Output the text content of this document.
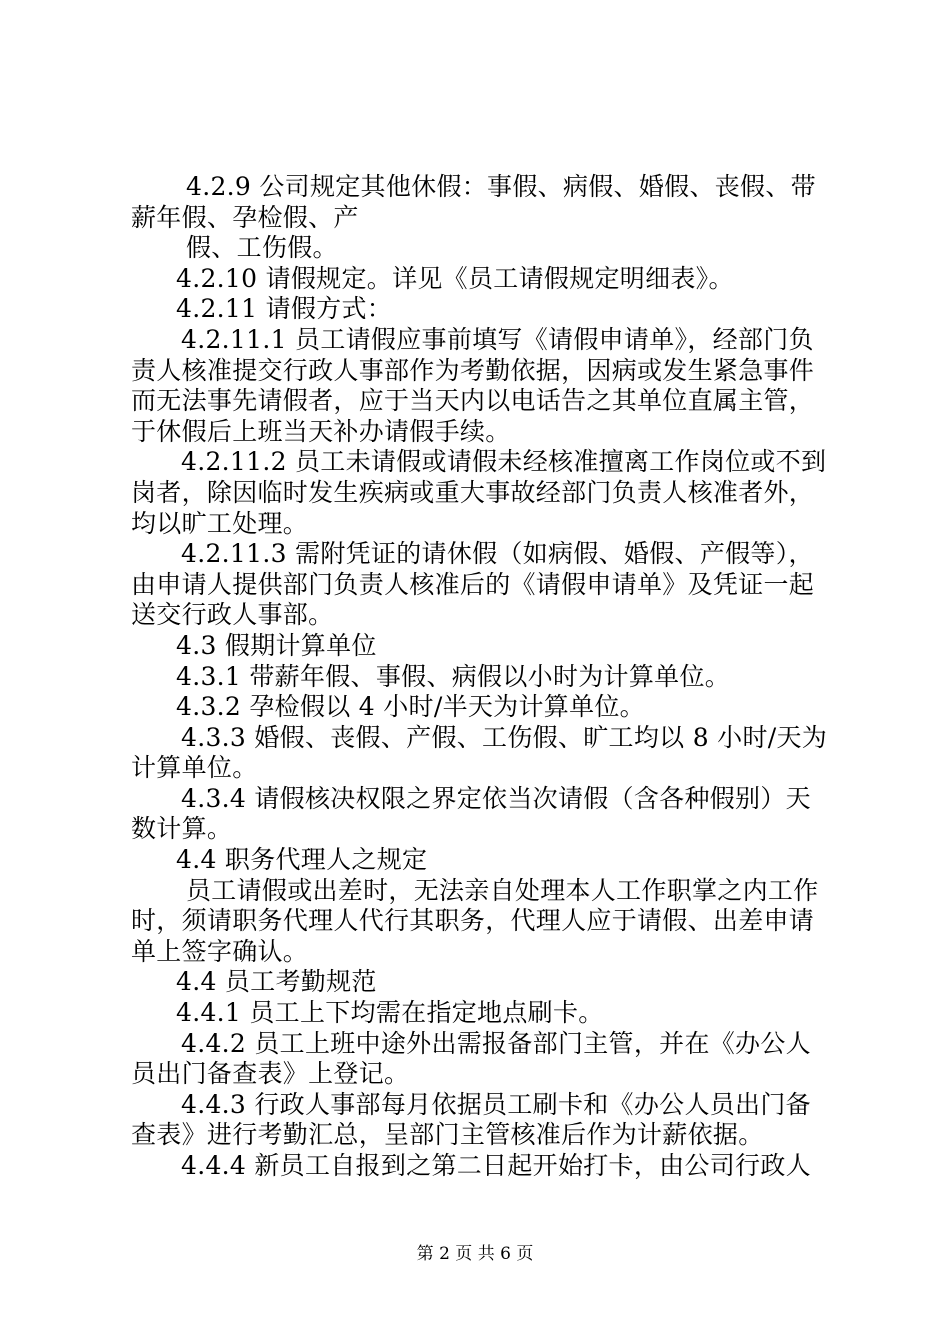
4.2.9 公司规定其他休假：事假、病假、婚假、丧假、带
薪年假、孕检假、产
假、工伤假。
4.2.10 请假规定。详见《员工请假规定明细表》。
4.2.11 请假方式：
4.2.11.1 员工请假应事前填写《请假申请单》，经部门负
责人核准提交行政人事部作为考勤依据，因病或发生紧急事件
而无法事先请假者，应于当天内以电话告之其单位直属主管，
于休假后上班当天补办请假手续。
4.2.11.2 员工未请假或请假未经核准擅离工作岗位或不到
岗者，除因临时发生疾病或重大事故经部门负责人核准者外，
均以旷工处理。
4.2.11.3 需附凭证的请休假（如病假、婚假、产假等），
由申请人提供部门负责人核准后的《请假申请单》及凭证一起
送交行政人事部。
4.3 假期计算单位
4.3.1 带薪年假、事假、病假以小时为计算单位。
4.3.2 孕检假以 4 小时/半天为计算单位。
4.3.3 婚假、丧假、产假、工伤假、旷工均以 8 小时/天为
计算单位。
4.3.4 请假核决权限之界定依当次请假（含各种假别）天
数计算。
4.4 职务代理人之规定
员工请假或出差时，无法亲自处理本人工作职掌之内工作
时，须请职务代理人代行其职务，代理人应于请假、出差申请
单上签字确认。
4.4 员工考勤规范
4.4.1 员工上下均需在指定地点刷卡。
4.4.2 员工上班中途外出需报备部门主管，并在《办公人
员出门备查表》上登记。
4.4.3 行政人事部每月依据员工刷卡和《办公人员出门备
查表》进行考勤汇总，呈部门主管核准后作为计薪依据。
4.4.4 新员工自报到之第二日起开始打卡，由公司行政人
第 2 页 共 6 页
